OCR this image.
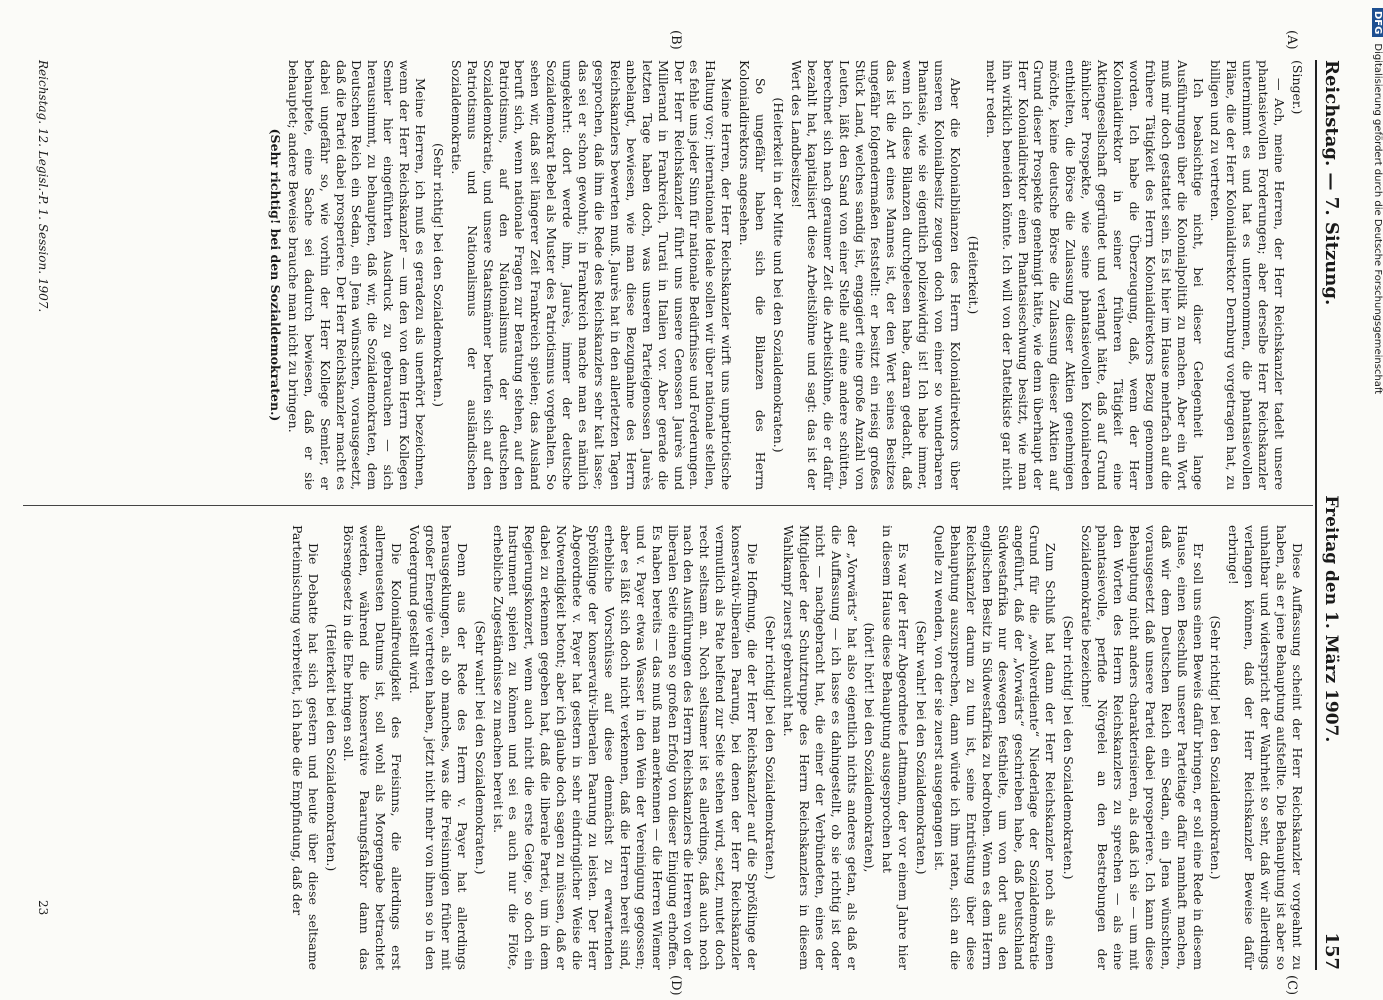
Reichstag. — 7. Sitzung.
Freitag den 1. März 1907.
157
(A)
(B)
(C)
(D)

(Singer.)

— Ach, meine Herren, der Herr Reichskanzler tadelt unsere phantasievollen Forderungen; aber derselbe Herr Reichskanzler unternimmt es und hat es unternommen, die phantasievollen Pläne, die der Herr Kolonialdirektor Dernburg vorgetragen hat, zu billigen und zu vertreten.

Ich beabsichtige nicht, bei dieser Gelegenheit lange Ausführungen über die Kolonialpolitik zu machen. Aber ein Wort muß mir doch gestattet sein. Es ist hier im Hause mehrfach auf die frühere Tätigkeit des Herrn Kolonialdirektors Bezug genommen worden. Ich habe die Überzeugung, daß, wenn der Herr Kolonialdirektor in seiner früheren Tätigkeit eine Aktiengesellschaft gegründet und verlangt hätte, daß auf Grund ähnlicher Prospekte, wie seine phantasievollen Kolonialreden enthielten, die Börse die Zulassung dieser Aktien genehmigen möchte, keine deutsche Börse die Zulassung dieser Aktien auf Grund dieser Prospekte genehmigt hätte, wie denn überhaupt der Herr Kolonialdirektor einen Phantasieschwung besitzt, wie man ihn wirklich beneiden könnte. Ich will von der Dattelkiste gar nicht mehr reden.

(Heiterkeit.)

Aber die Kolonialbilanzen des Herrn Kolonialdirektors über unseren Kolonialbesitz zeugen doch von einer so wunderbaren Phantasie, wie sie eigentlich polizeiwidrig ist! Ich habe immer, wenn ich diese Bilanzen durchgelesen habe, daran gedacht, daß das ist die Art eines Mannes ist, der den Wert seines Besitzes ungefähr folgendermaßen feststellt: er besitzt ein riesig großes Stück Land, welches sandig ist, engagiert eine große Anzahl von Leuten, läßt den Sand von einer Stelle auf eine andere schütten, berechnet sich nach geraumer Zeit die Arbeitslöhne, die er dafür bezahlt hat, kapitalisiert diese Arbeitslöhne und sagt: das ist der Wert des Landbesitzes!

(Heiterkeit in der Mitte und bei den Sozialdemokraten.)

So ungefähr haben sich die Bilanzen des Herrn Kolonialdirektors angesehen.

Meine Herren, der Herr Reichskanzler wirft uns unpatriotische Haltung vor; internationale Ideale sollen wir über nationale stellen, es fehle uns jeder Sinn für nationale Bedürfnisse und Forderungen. Der Herr Reichskanzler führt uns unsere Genossen Jaurès und Millerand in Frankreich, Turati in Italien vor. Aber gerade die letzten Tage haben doch, was unseren Parteigenossen Jaurès anbelangt, bewiesen, wie man diese Bezugnahme des Herrn Reichskanzlers bewerten muß. Jaurès hat in den allerletzten Tagen gesprochen, daß ihm die Rede des Reichskanzlers sehr kalt lasse; das sei er schon gewohnt; in Frankreich mache man es nämlich umgekehrt: dort werde ihm, Jaurès, immer der deutsche Sozialdemokrat Bebel als Muster des Patriotismus vorgehalten. So sehen wir, daß seit längerer Zeit Frankreich spielen; das Ausland beruft sich, wenn nationale Fragen zur Beratung stehen, auf den Patriotismus, auf den Nationalismus der deutschen Sozialdemokratie, und unsere Staatsmänner berufen sich auf den Patriotismus und Nationalismus der ausländischen Sozialdemokratie.

(Sehr richtig! bei den Sozialdemokraten.)

Meine Herren, ich muß es geradezu als unerhört bezeichnen, wenn der Herr Reichskanzler — um den von dem Herrn Kollegen Semler hier eingeführten Ausdruck zu gebrauchen — sich herausnimmt, zu behaupten, daß wir, die Sozialdemokraten, dem Deutschen Reich ein Sedan, ein Jena wünschten, vorausgesetzt, daß die Partei dabei prosperiere. Der Herr Reichskanzler macht es dabei ungefähr so, wie vorhin der Herr Kollege Semler, er behauptete, eine Sache sei dadurch bewiesen, daß er sie behauptet; andere Beweise brauche man nicht zu bringen.

(Sehr richtig! bei den Sozialdemokraten.)

Diese Auffassung scheint der Herr Reichskanzler vorgeahnt zu haben, als er jene Behauptung aufstellte. Die Behauptung ist aber so unhaltbar und widerspricht der Wahrheit so sehr, daß wir allerdings verlangen können, daß der Herr Reichskanzler Beweise dafür erbringe!

(Sehr richtig! bei den Sozialdemokraten.)

Er soll uns einen Beweis dafür bringen, er soll eine Rede in diesem Hause, einen Beschluß unserer Parteitage dafür namhaft machen, daß wir dem Deutschen Reich ein Sedan, ein Jena wünschten, vorausgesetzt daß unsere Partei dabei prosperiere. Ich kann diese Behauptung nicht anders charakterisieren, als daß ich sie — um mit den Worten des Herrn Reichskanzlers zu sprechen — als eine phantasievolle, perfide Nörgelei an den Bestrebungen der Sozialdemokratie bezeichne!

(Sehr richtig! bei den Sozialdemokraten.)

Zum Schluß hat dann der Herr Reichskanzler noch als einen Grund für die „wohlverdiente“ Niederlage der Sozialdemokratie angeführt, daß der „Vorwärts“ geschrieben habe, daß Deutschland Südwestafrika nur deswegen festhielte, um von dort aus den englischen Besitz in Südwestafrika zu bedrohen. Wenn es dem Herrn Reichskanzler darum zu tun ist, seine Entrüstung über diese Behauptung auszusprechen, dann würde ich ihm raten, sich an die Quelle zu wenden, von der sie zuerst ausgegangen ist.

(Sehr wahr! bei den Sozialdemokraten.)

Es war der Herr Abgeordnete Lattmann, der vor einem Jahre hier in diesem Hause diese Behauptung ausgesprochen hat

(hört! hört! bei den Sozialdemokraten),

der „Vorwärts“ hat also eigentlich nichts anderes getan, als daß er die Auffassung — ich lasse es dahingestellt, ob sie richtig ist oder nicht — nachgebracht hat, die einer der Verbündeten, eines der Mitglieder der Schutztruppe des Herrn Reichskanzlers in diesem Wahlkampf zuerst gebraucht hat.

(Sehr richtig! bei den Sozialdemokraten.)

Die Hoffnung, die der Herr Reichskanzler auf die Sprößlinge der konservativ-liberalen Paarung, bei denen der Herr Reichskanzler vermutlich als Pate helfend zur Seite stehen wird, setzt, mutet doch recht seltsam an. Noch seltsamer ist es allerdings, daß auch noch nach den Ausführungen des Herrn Reichskanzlers die Herren von der liberalen Seite einen so großen Erfolg von dieser Einigung erhoffen. Es haben bereits — das muß man anerkennen — die Herren Wiemer und v. Payer etwas Wasser in den Wein der Vereinigung gegossen; aber es läßt sich doch nicht verkennen, daß die Herren bereit sind, erhebliche Vorschüsse auf diese demnächst zu erwartenden Sprößlinge der konservativ-liberalen Paarung zu leisten. Der Herr Abgeordnete v. Payer hat gestern in sehr eindringlicher Weise die Notwendigkeit betont; aber ich glaube doch sagen zu müssen, daß er dabei zu erkennen gegeben hat, daß die liberale Partei, um in dem Regierungskonzert, wenn auch nicht die erste Geige, so doch ein Instrument spielen zu können und sei es auch nur die Flöte, erhebliche Zugeständnisse zu machen bereit ist.

(Sehr wahr! bei den Sozialdemokraten.)

Denn aus der Rede des Herrn v. Payer hat allerdings herausgeklungen, als ob manches, was die Freisinnigen früher mit großer Energie vertreten haben, jetzt nicht mehr von ihnen so in den Vordergrund gestellt wird.

Die Kolonialfreudigkeit des Freisinns, die allerdings erst allerneuesten Datums ist, soll wohl als Morgengabe betrachtet werden, während die konservative Paarungsfaktor dann das Börsengesetz in die Ehe bringen soll.

(Heiterkeit bei den Sozialdemokraten.)

Die Debatte hat sich gestern und heute über diese seltsame Parteimischung verbreitet, ich habe die Empfindung, daß der

Reichstag. 12. Legisl.-P. 1. Session. 1907.
23
DFGDigitalisierung gefördert durch die Deutsche Forschungsgemeinschaft
